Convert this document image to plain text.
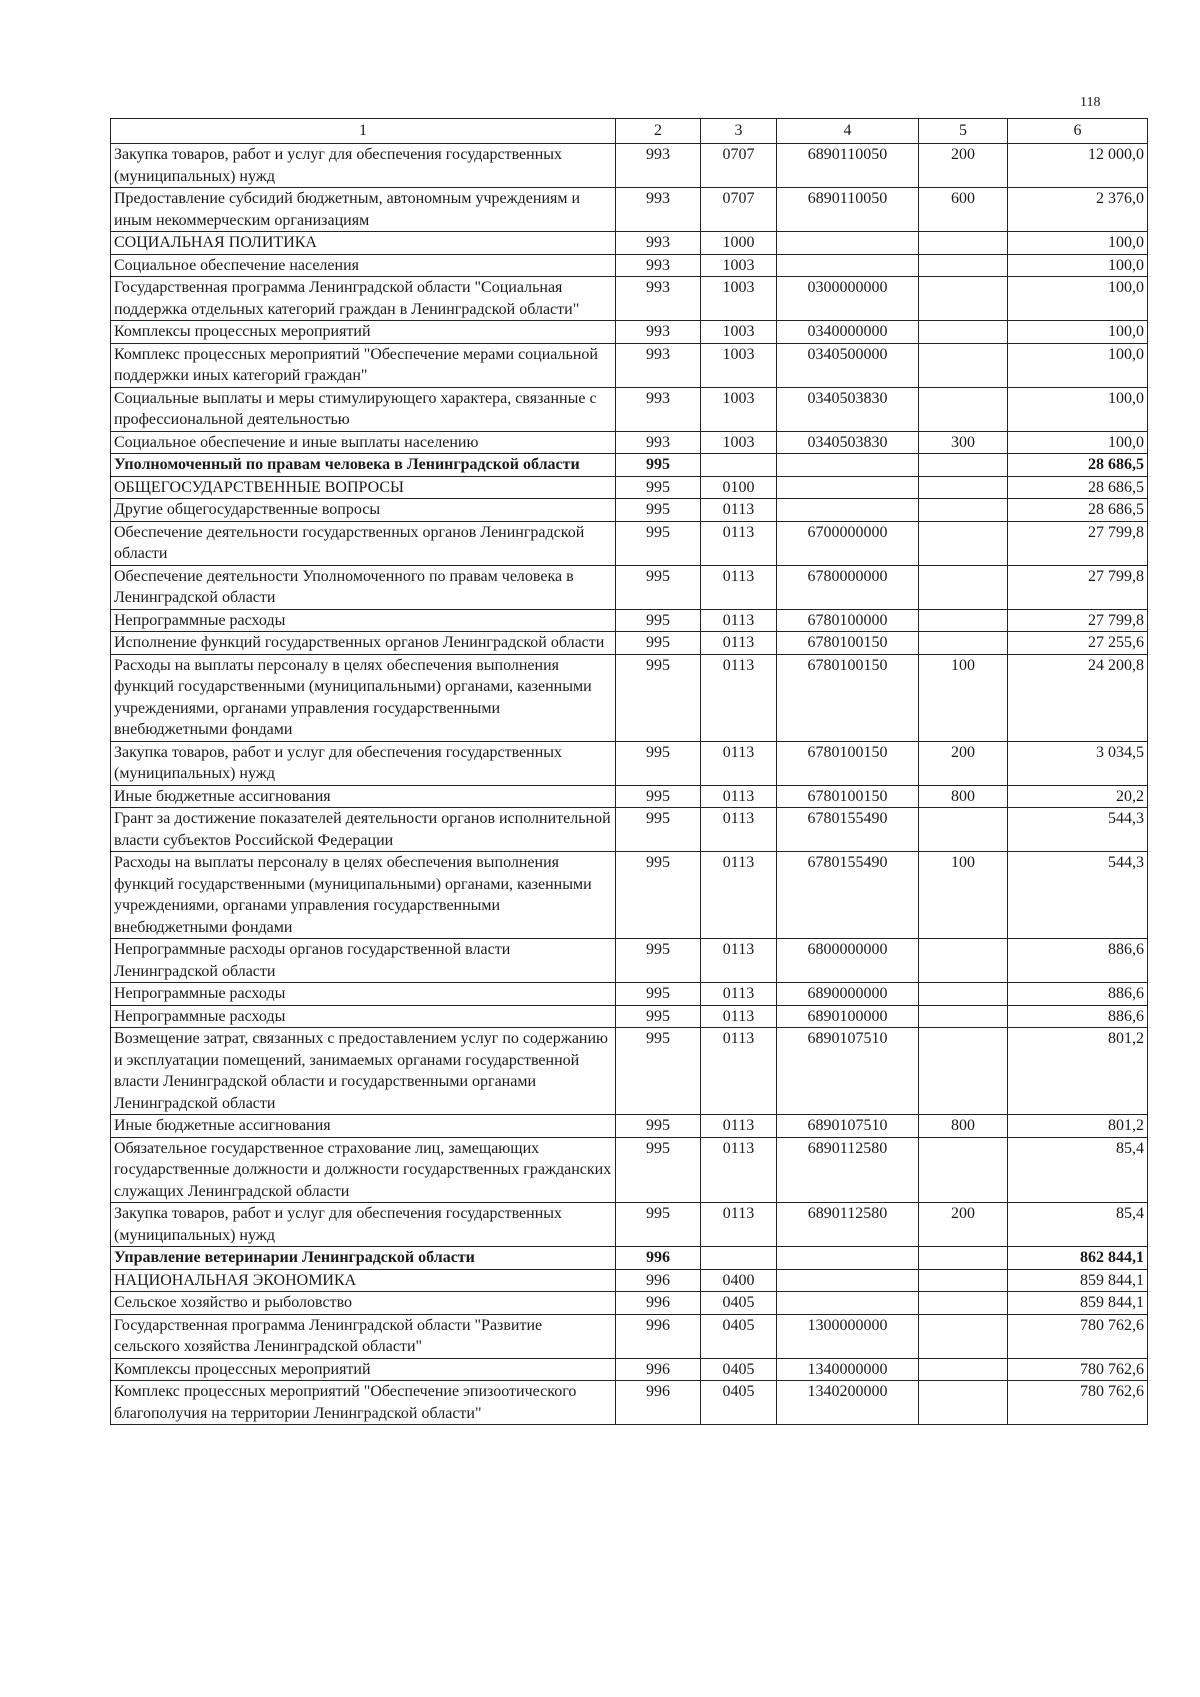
118
1	2	3	4	5	6
Закупка товаров, работ и услуг для обеспечения государственных (муниципальных) нужд	993	0707	6890110050	200	12 000,0
Предоставление субсидий бюджетным, автономным учреждениям и иным некоммерческим организациям	993	0707	6890110050	600	2 376,0
СОЦИАЛЬНАЯ ПОЛИТИКА	993	1000			100,0
Социальное обеспечение населения	993	1003			100,0
Государственная программа Ленинградской области "Социальная поддержка отдельных категорий граждан в Ленинградской области"	993	1003	0300000000		100,0
Комплексы процессных мероприятий	993	1003	0340000000		100,0
Комплекс процессных мероприятий "Обеспечение мерами социальной поддержки иных категорий граждан"	993	1003	0340500000		100,0
Социальные выплаты и меры стимулирующего характера, связанные с профессиональной деятельностью	993	1003	0340503830		100,0
Социальное обеспечение и иные выплаты населению	993	1003	0340503830	300	100,0
Уполномоченный по правам человека в Ленинградской области	995				28 686,5
ОБЩЕГОСУДАРСТВЕННЫЕ ВОПРОСЫ	995	0100			28 686,5
Другие общегосударственные вопросы	995	0113			28 686,5
Обеспечение деятельности государственных органов Ленинградской области	995	0113	6700000000		27 799,8
Обеспечение деятельности Уполномоченного по правам человека в Ленинградской области	995	0113	6780000000		27 799,8
Непрограммные расходы	995	0113	6780100000		27 799,8
Исполнение функций государственных органов Ленинградской области	995	0113	6780100150		27 255,6
Расходы на выплаты персоналу в целях обеспечения выполнения функций государственными (муниципальными) органами, казенными учреждениями, органами управления государственными внебюджетными фондами	995	0113	6780100150	100	24 200,8
Закупка товаров, работ и услуг для обеспечения государственных (муниципальных) нужд	995	0113	6780100150	200	3 034,5
Иные бюджетные ассигнования	995	0113	6780100150	800	20,2
Грант за достижение показателей деятельности органов исполнительной власти субъектов Российской Федерации	995	0113	6780155490		544,3
Расходы на выплаты персоналу в целях обеспечения выполнения функций государственными (муниципальными) органами, казенными учреждениями, органами управления государственными внебюджетными фондами	995	0113	6780155490	100	544,3
Непрограммные расходы органов государственной власти Ленинградской области	995	0113	6800000000		886,6
Непрограммные расходы	995	0113	6890000000		886,6
Непрограммные расходы	995	0113	6890100000		886,6
Возмещение затрат, связанных с предоставлением услуг по содержанию и эксплуатации помещений, занимаемых органами государственной власти Ленинградской области и государственными органами Ленинградской области	995	0113	6890107510		801,2
Иные бюджетные ассигнования	995	0113	6890107510	800	801,2
Обязательное государственное страхование лиц, замещающих государственные должности и должности государственных гражданских служащих Ленинградской области	995	0113	6890112580		85,4
Закупка товаров, работ и услуг для обеспечения государственных (муниципальных) нужд	995	0113	6890112580	200	85,4
Управление ветеринарии Ленинградской области	996				862 844,1
НАЦИОНАЛЬНАЯ ЭКОНОМИКА	996	0400			859 844,1
Сельское хозяйство и рыболовство	996	0405			859 844,1
Государственная программа Ленинградской области "Развитие сельского хозяйства Ленинградской области"	996	0405	1300000000		780 762,6
Комплексы процессных мероприятий	996	0405	1340000000		780 762,6
Комплекс процессных мероприятий "Обеспечение эпизоотического благополучия на территории Ленинградской области"	996	0405	1340200000		780 762,6
